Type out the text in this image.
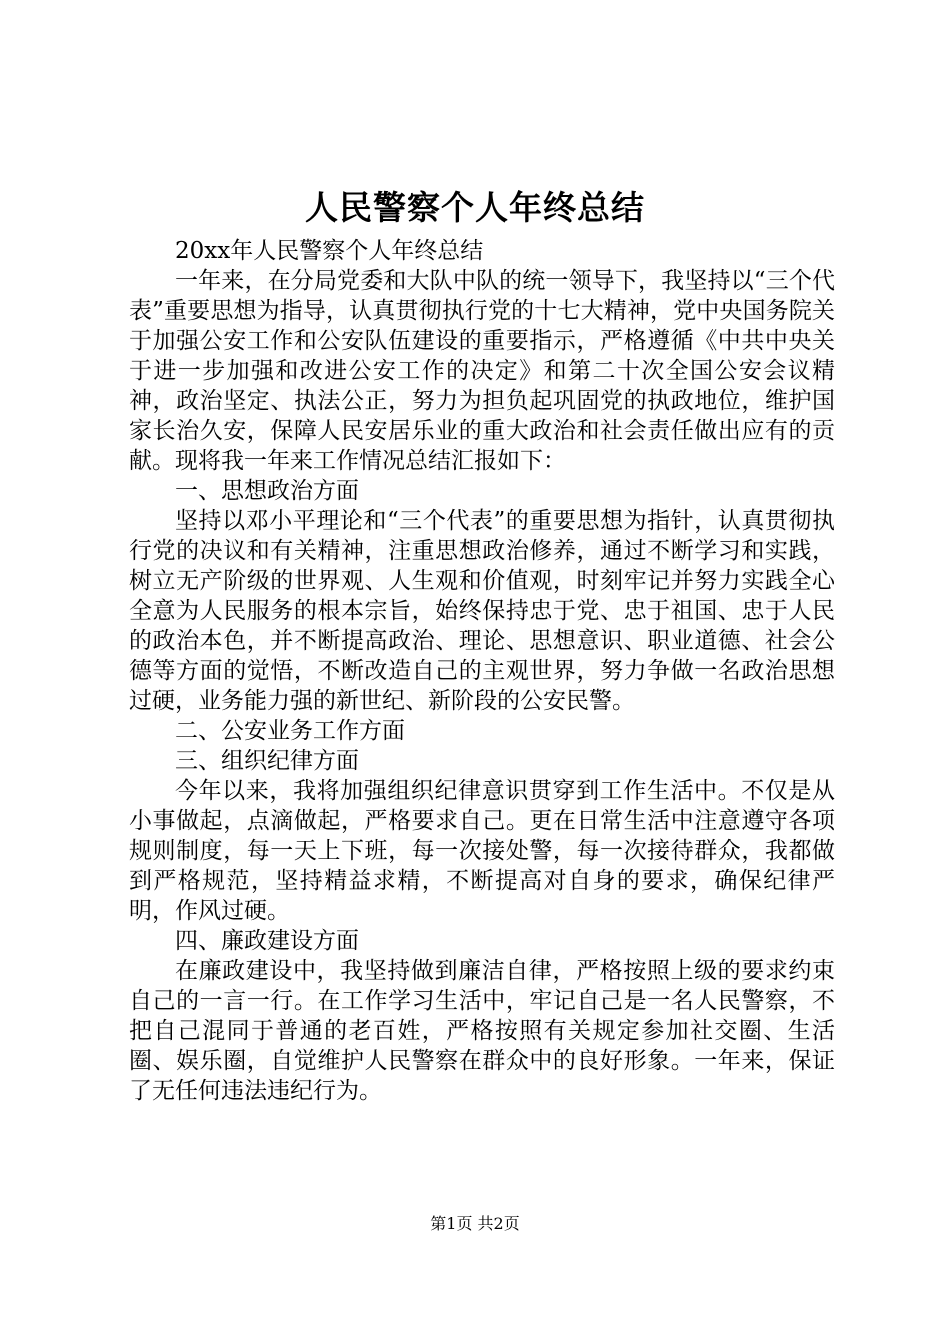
人民警察个人年终总结

20xx年人民警察个人年终总结

一年来，在分局党委和大队中队的统一领导下，我坚持以“三个代表”重要思想为指导，认真贯彻执行党的十七大精神，党中央国务院关于加强公安工作和公安队伍建设的重要指示，严格遵循《中共中央关于进一步加强和改进公安工作的决定》和第二十次全国公安会议精神，政治坚定、执法公正，努力为担负起巩固党的执政地位，维护国家长治久安，保障人民安居乐业的重大政治和社会责任做出应有的贡献。现将我一年来工作情况总结汇报如下：

一、思想政治方面

坚持以邓小平理论和“三个代表”的重要思想为指针，认真贯彻执行党的决议和有关精神，注重思想政治修养，通过不断学习和实践，树立无产阶级的世界观、人生观和价值观，时刻牢记并努力实践全心全意为人民服务的根本宗旨，始终保持忠于党、忠于祖国、忠于人民的政治本色，并不断提高政治、理论、思想意识、职业道德、社会公德等方面的觉悟，不断改造自己的主观世界，努力争做一名政治思想过硬，业务能力强的新世纪、新阶段的公安民警。

二、公安业务工作方面

三、组织纪律方面

今年以来，我将加强组织纪律意识贯穿到工作生活中。不仅是从小事做起，点滴做起，严格要求自己。更在日常生活中注意遵守各项规则制度，每一天上下班，每一次接处警，每一次接待群众，我都做到严格规范，坚持精益求精，不断提高对自身的要求，确保纪律严明，作风过硬。

四、廉政建设方面

在廉政建设中，我坚持做到廉洁自律，严格按照上级的要求约束自己的一言一行。在工作学习生活中，牢记自己是一名人民警察，不把自己混同于普通的老百姓，严格按照有关规定参加社交圈、生活圈、娱乐圈，自觉维护人民警察在群众中的良好形象。一年来，保证了无任何违法违纪行为。

第1页 共2页
